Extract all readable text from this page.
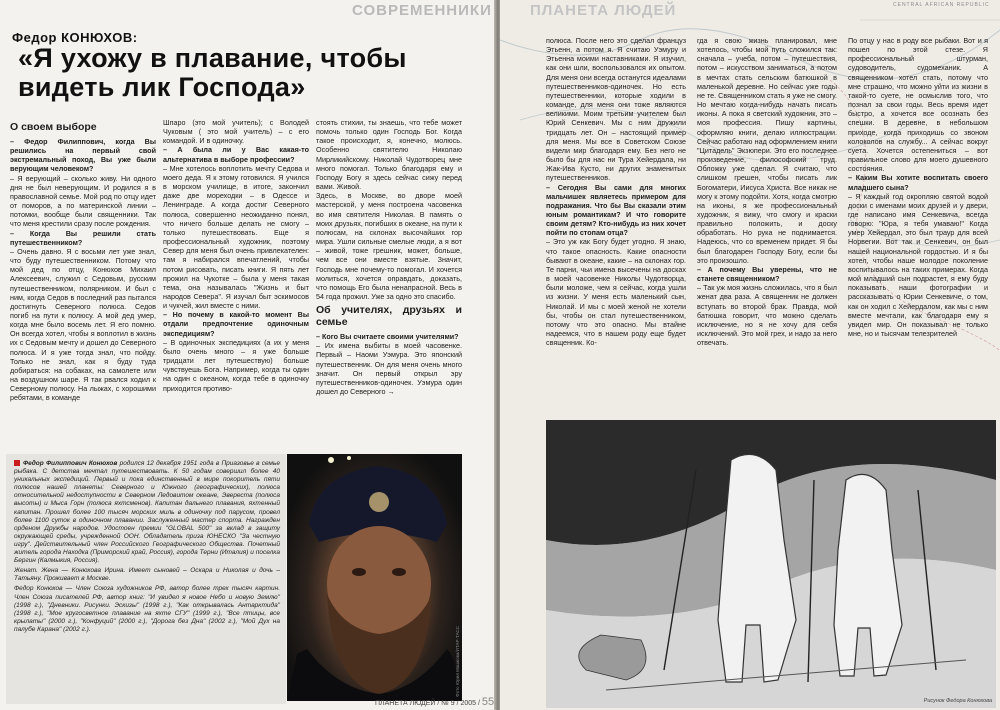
СОВРЕМЕННИКИ
Федор КОНЮХОВ:
«Я ухожу в плавание, чтобы видеть лик Господа»
О своем выборе

– Федор Филиппович, когда Вы решились на первый свой экстремальный поход, Вы уже были верующим человеком?

– Я верующий – сколько живу. Ни одного дня не был неверующим. И родился я в православной семье. Мой род по отцу идет от поморов, а по материнской линии – потомки, вообще были священники. Так что меня крестили сразу после рождения.

– Когда Вы решили стать путешественником?

– Очень давно. Я с восьми лет уже знал, что буду путешественником. Потому что мой дед по отцу, Конюхов Михаил Алексеевич, служил с Седовым, русским путешественником, полярником. И был с ним, когда Седов в последний раз пытался достигнуть Северного полюса. Седов погиб на пути к полюсу. А мой дед умер, когда мне было восемь лет. Я его помню. Он всегда хотел, чтобы я воплотил в жизнь их с Седовым мечту и дошел до Северного полюса. И я уже тогда знал, что пойду. Только не знал, как я буду туда добираться: на собаках, на самолете или на воздушном шаре. Я так рвался ходил к Северному полюсу. На лыжах, с хорошими ребятами, в команде

Шпаро (это мой учитель); с Володей Чуковым ( это мой учитель) – с его командой. И в одиночку.

– А была ли у Вас какая-то альтернатива в выборе профессии?

– Мне хотелось воплотить мечту Седова и моего деда. Я к этому готовился. Я учился в морском училище, в итоге, закончил даже две мореходки – в Одессе и Ленинграде. А когда достиг Северного полюса, совершенно неожиданно понял, что ничего больше делать не смогу – только путешествовать. Еще я профессиональный художник, поэтому Север для меня был очень привлекателен: там я набирался впечатлений, чтобы потом рисовать, писать книги. Я пять лет прожил на Чукотке – была у меня такая тема, она называлась "Жизнь и быт народов Севера". Я изучал быт эскимосов и чукчей, жил вместе с ними.

– Но почему в какой-то момент Вы отдали предпочтение одиночным экспедициям?

– В одиночных экспедициях (а их у меня было очень много – я уже больше тридцати лет путешествую) больше чувствуешь Бога. Например, когда ты один на один с океаном, когда тебе в одиночку приходится противо-

стоять стихии, ты знаешь, что тебе может помочь только один Господь Бог. Когда такое происходит, я, конечно, молюсь. Особенно святителю Николаю Мирликийскому. Николай Чудотворец мне много помогал. Только благодаря ему и Господу Богу я здесь сейчас сижу перед вами. Живой.

Здесь, в Москве, во дворе моей мастерской, у меня построена часовенка во имя святителя Николая. В память о моих друзьях, погибших в океане, на пути к полюсам, на склонах высочайших гор мира. Ушли сильные смелые люди, а я вот – живой, тоже грешник, может, больше, чем все они вместе взятые. Значит, Господь мне почему-то помогал. И хочется молиться, хочется оправдать, доказать, что помощь Его была ненапрасной. Весь в 54 года прожил. Уже за одно это спасибо.

Об учителях, друзьях и семье

– Кого Вы считаете своими учителями?

– Их имена выбиты в моей часовенке. Первый – Наоми Уэмура. Это японский путешественник. Он для меня очень много значит. Он первый открыл эру путешественников-одиночек. Уэмура один дошел до Северного →

Федор Филиппович Конюхов родился 12 декабря 1951 года в Приазовье в семье рыбака. С детства мечтал путешествовать. К 50 годам совершил более 40 уникальных экспедиций. Первый и пока единственный в мире покоритель пяти полюсов нашей планеты: Северного и Южного (географических), полюса относительной недоступности в Северном Ледовитом океане, Эвереста (полюса высоты) и Мыса Горн (полюса яхтсменов). Капитан дальнего плавания, яхтенный капитан. Прошел более 100 тысяч морских миль в одиночку под парусом, провел более 1100 суток в одиночном плавании. Заслуженный мастер спорта. Награжден орденом Дружбы народов. Удостоен премии "GLOBAL 500" за вклад в защиту окружающей среды, учрежденной ООН. Обладатель приза ЮНЕСКО "За честную игру". Действительный член Российского Географического Общества. Почетный житель города Находка (Приморский край, Россия), города Терни (Италия) и поселка Бергин (Калмыкия, Россия).

Женат. Жена — Конюхова Ирина. Имеет сыновей – Оскара и Николая и дочь – Татьяну. Проживает в Москве.

Федор Конюхов — Член Союза художников РФ, автор более трех тысяч картин. Член Союза писателей РФ, автор книг: "И увидел я новое Небо и новую Землю" (1998 г.), "Дневники. Рисунки. Эскизы" (1998 г.), "Как открывалась Антарктида" (1998 г.), "Мое кругосветное плавание на яхте СГУ" (1999 г.), "Все птицы, все крылаты" (2000 г.), "Конфуций" (2000 г.), "Дорога без Дна" (2002 г.), "Мой Дух на палубе Карана" (2002 г.).	Фото Юрия Машкова/ИТАР-ТАСС
ПЛАНЕТА ЛЮДЕЙ / № 9 / 2005 / 55
ПЛАНЕТА ЛЮДЕЙ	CENTRAL AFRICAN REPUBLIC

полюса. После него это сделал француз Этьенн, а потом я. Я считаю Уэмуру и Этьенна моими наставниками. Я изучил, как они шли, воспользовался их опытом. Для меня они всегда останутся идеалами путешественников-одиночек. Но есть путешественники, которые ходили в команде, для меня они тоже являются великими. Моим третьим учителем был Юрий Сенкевич. Мы с ним дружили тридцать лет. Он – настоящий пример для меня. Мы все в Советском Союзе видели мир благодаря ему. Без него не было бы для нас ни Тура Хейердала, ни Жак-Ива Кусто, ни других знаменитых путешественников.

– Сегодня Вы сами для многих мальчишек являетесь примером для подражания. Что бы Вы сказали этим юным романтикам? И что говорите своим детям? Кто-нибудь из них хочет пойти по стопам отца?

– Это уж как Богу будет угодно. Я знаю, что такое опасность. Какие опасности бывают в океане, какие – на склонах гор. Те парни, чьи имена высечены на досках в моей часовенке Николы Чудотворца, были моложе, чем я сейчас, когда ушли из жизни. У меня есть маленький сын, Николай. И мы с моей женой не хотели бы, чтобы он стал путешественником, потому что это опасно. Мы втайне надеемся, что в нашем роду еще будет священник. Ко-

гда я свою жизнь планировал, мне хотелось, чтобы мой путь сложился так: сначала – учеба, потом – путешествия, потом – искусством заниматься, а потом в мечтах стать сельским батюшкой в маленькой деревне. Но сейчас уже годы не те. Священником стать я уже не смогу. Но мечтаю когда-нибудь начать писать иконы. А пока я светский художник, это – моя профессия. Пишу картины, оформляю книги, делаю иллюстрации. Сейчас работаю над оформлением книги "Цитадель" Экзюпери. Это его последнее произведение, философский труд. Обложку уже сделал. Я считаю, что слишком грешен, чтобы писать лик Богоматери, Иисуса Христа. Все никак не могу к этому подойти. Хотя, когда смотрю на иконы, я же профессиональный художник, я вижу, что смогу и краски правильно положить, и доску обработать. Но рука не поднимается. Надеюсь, что со временем придет. Я бы был благодарен Господу Богу, если бы это произошло.

– А почему Вы уверены, что не станете священником?

– Так уж моя жизнь сложилась, что я был женат два раза. А священник не должен вступать во второй брак. Правда, мой батюшка говорит, что можно сделать исключение, но я не хочу для себя исключений. Это мой грех, и надо за него отвечать.

По отцу у нас в роду все рыбаки. Вот и я пошел по этой стезе. Я профессиональный штурман, судоводитель, судомеханик. А священником хотел стать, потому что мне страшно, что можно уйти из жизни в такой-то суете, не осмыслив того, что познал за свои годы. Весь время идет быстро, а хочется все осознать без спешки. В деревне, в небольшом приходе, когда приходишь со звоном колоколов на службу... А сейчас вокруг суета. Хочется остепениться – вот правильное слово для моего душевного состояния.

– Каким Вы хотите воспитать своего младшего сына?

– Я каждый год окропляю святой водой доски с именами моих друзей и у двери, где написано имя Сенкевича, всегда говорю: "Юра, я тебя умаваю!" Когда умер Хейердал, это был траур для всей Норвегии. Вот так и Сенкевич, он был нашей национальной гордостью. И я бы хотел, чтобы наше молодое поколение воспитывалось на таких примерах. Когда мой младший сын подрастет, я ему буду показывать наши фотографии и рассказывать о Юрии Сенкевиче, о том, как он ходил с Хейердалом, как мы с ним вместе мечтали, как благодаря ему я увидел мир. Он показывал не только мне, но и тысячам телезрителей

Рисунок Федора Конюхова
